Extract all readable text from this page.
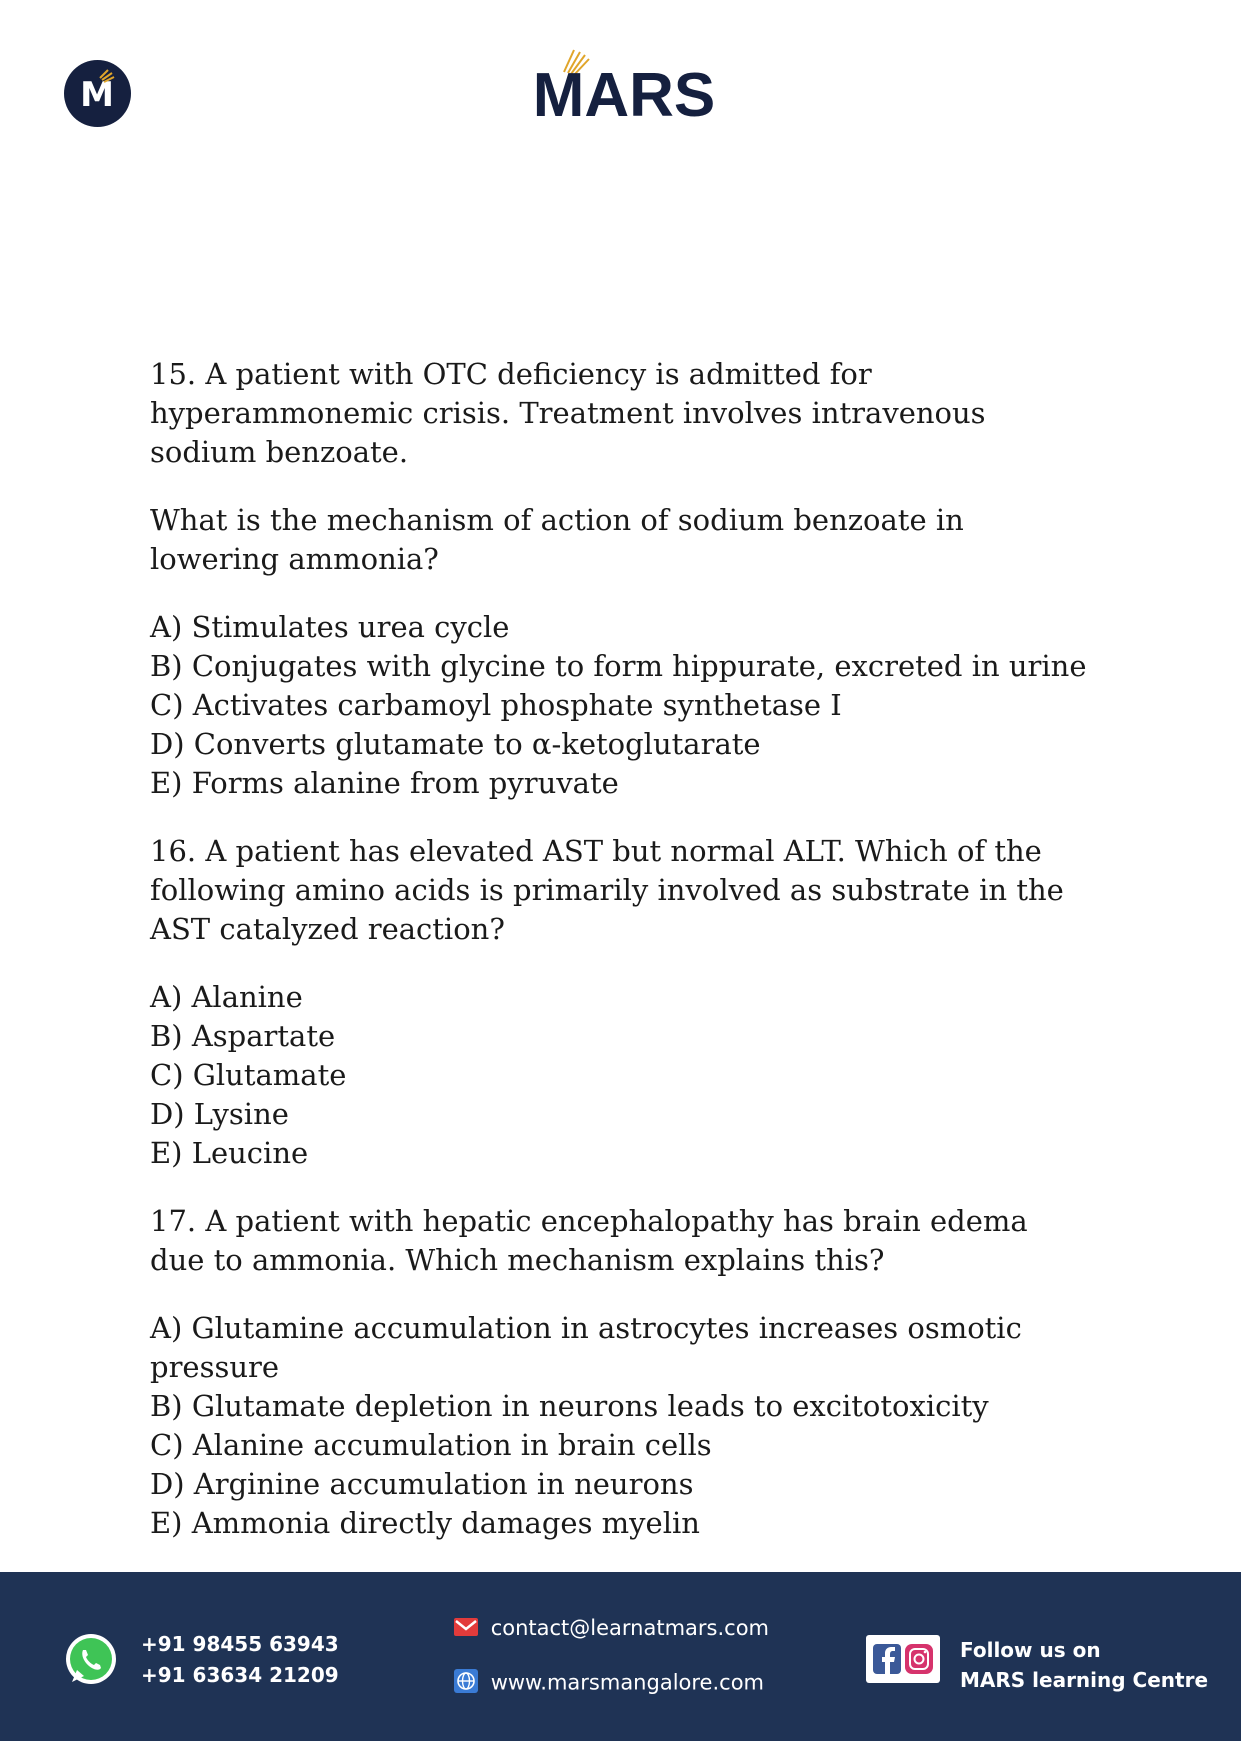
M	MARS

15. A patient with OTC deficiency is admitted for hyperammonemic crisis. Treatment involves intravenous sodium benzoate.

What is the mechanism of action of sodium benzoate in lowering ammonia?

A) Stimulates urea cycle
B) Conjugates with glycine to form hippurate, excreted in urine
C) Activates carbamoyl phosphate synthetase I
D) Converts glutamate to α-ketoglutarate
E) Forms alanine from pyruvate

16. A patient has elevated AST but normal ALT. Which of the following amino acids is primarily involved as substrate in the AST catalyzed reaction?

A) Alanine
B) Aspartate
C) Glutamate
D) Lysine
E) Leucine

17. A patient with hepatic encephalopathy has brain edema due to ammonia. Which mechanism explains this?

A) Glutamine accumulation in astrocytes increases osmotic pressure
B) Glutamate depletion in neurons leads to excitotoxicity
C) Alanine accumulation in brain cells
D) Arginine accumulation in neurons
E) Ammonia directly damages myelin
+91 98455 63943
+91 63634 21209
contact@learnatmars.com
www.marsmangalore.com
Follow us on
MARS learning Centre
